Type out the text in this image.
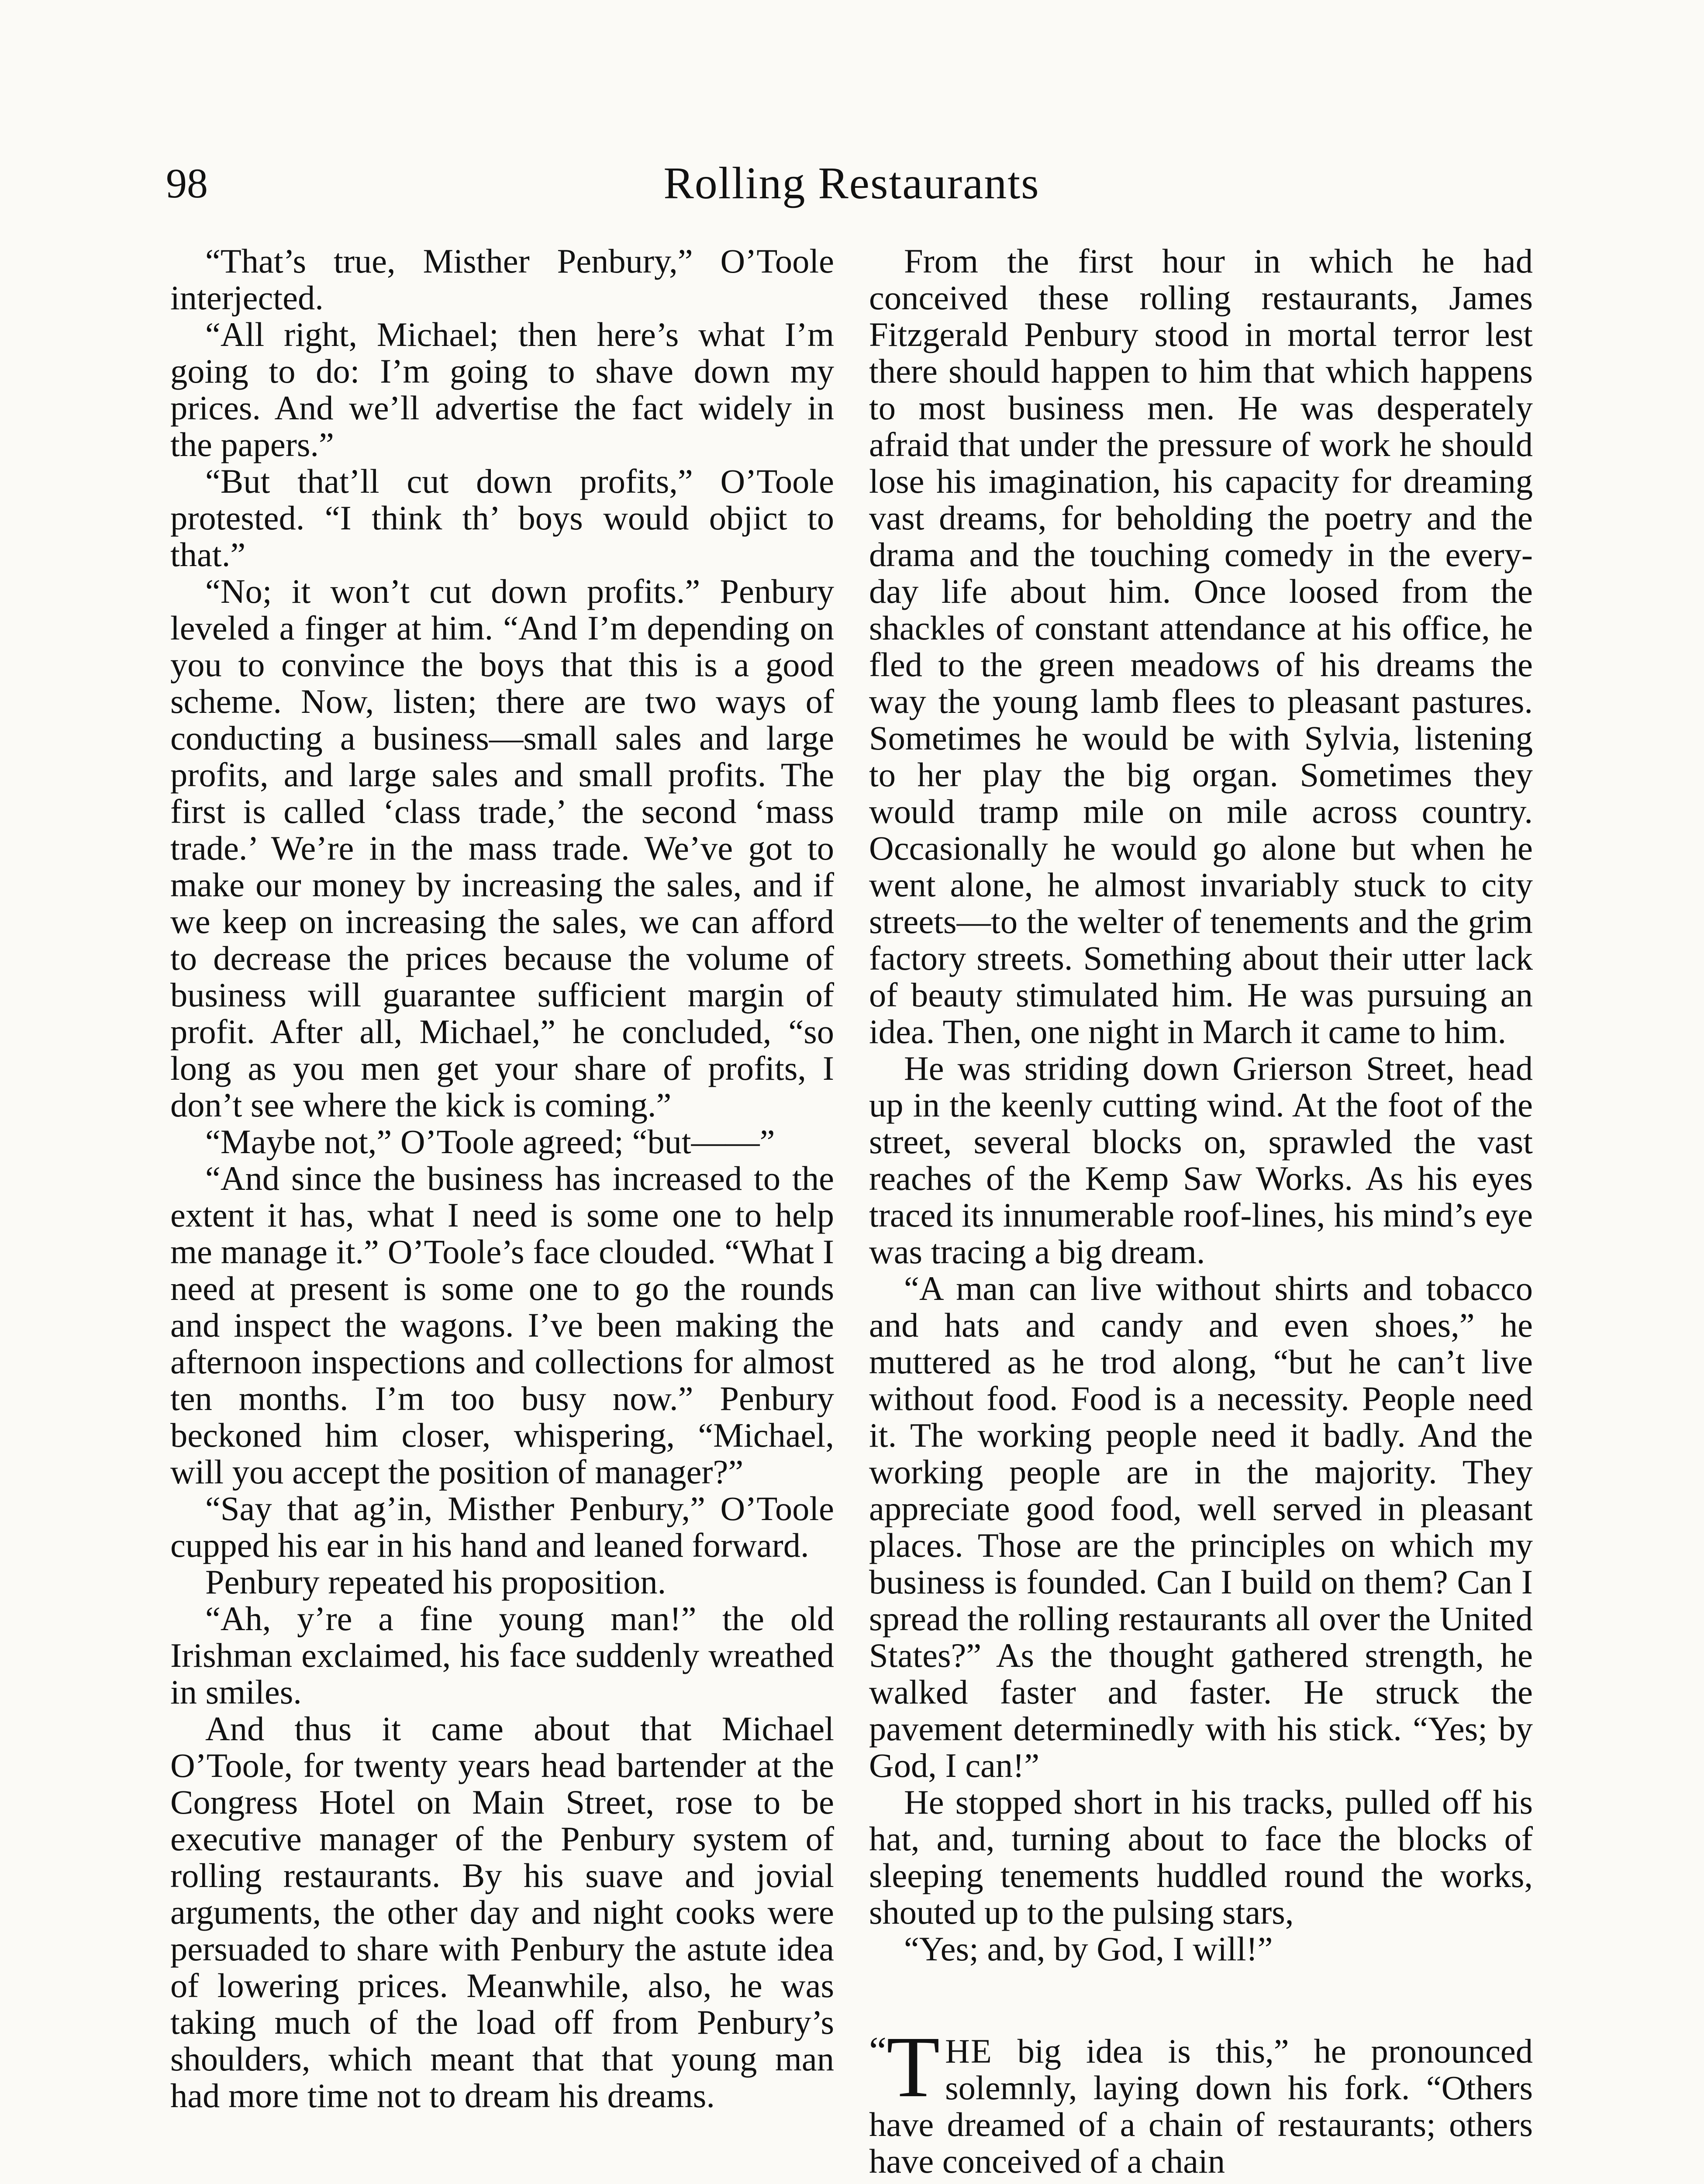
98	Rolling Restaurants

“That’s true, Misther Penbury,” O’Toole interjected.

“All right, Michael; then here’s what I’m going to do: I’m going to shave down my prices. And we’ll advertise the fact widely in the papers.”

“But that’ll cut down profits,” O’Toole protested. “I think th’ boys would objict to that.”

“No; it won’t cut down profits.” Penbury leveled a finger at him. “And I’m depending on you to convince the boys that this is a good scheme. Now, listen; there are two ways of conducting a business—small sales and large profits, and large sales and small profits. The first is called ‘class trade,’ the second ‘mass trade.’ We’re in the mass trade. We’ve got to make our money by increasing the sales, and if we keep on increasing the sales, we can afford to decrease the prices because the volume of business will guarantee sufficient margin of profit. After all, Michael,” he concluded, “so long as you men get your share of profits, I don’t see where the kick is coming.”

“Maybe not,” O’Toole agreed; “but——”

“And since the business has increased to the extent it has, what I need is some one to help me manage it.” O’Toole’s face clouded. “What I need at present is some one to go the rounds and inspect the wagons. I’ve been making the afternoon inspections and collections for almost ten months. I’m too busy now.” Penbury beckoned him closer, whispering, “Michael, will you accept the position of manager?”

“Say that ag’in, Misther Penbury,” O’Toole cupped his ear in his hand and leaned forward.

Penbury repeated his proposition.

“Ah, y’re a fine young man!” the old Irishman exclaimed, his face suddenly wreathed in smiles.

And thus it came about that Michael O’Toole, for twenty years head bartender at the Congress Hotel on Main Street, rose to be executive manager of the Penbury system of rolling restaurants. By his suave and jovial arguments, the other day and night cooks were persuaded to share with Penbury the astute idea of lowering prices. Meanwhile, also, he was taking much of the load off from Penbury’s shoulders, which meant that that young man had more time not to dream his dreams.

From the first hour in which he had conceived these rolling restaurants, James Fitzgerald Penbury stood in mortal terror lest there should happen to him that which happens to most business men. He was desperately afraid that under the pressure of work he should lose his imagination, his capacity for dreaming vast dreams, for beholding the poetry and the drama and the touching comedy in the every-day life about him. Once loosed from the shackles of constant attendance at his office, he fled to the green meadows of his dreams the way the young lamb flees to pleasant pastures. Sometimes he would be with Sylvia, listening to her play the big organ. Sometimes they would tramp mile on mile across country. Occasionally he would go alone but when he went alone, he almost invariably stuck to city streets—to the welter of tenements and the grim factory streets. Something about their utter lack of beauty stimulated him. He was pursuing an idea. Then, one night in March it came to him.

He was striding down Grierson Street, head up in the keenly cutting wind. At the foot of the street, several blocks on, sprawled the vast reaches of the Kemp Saw Works. As his eyes traced its innumerable roof-lines, his mind’s eye was tracing a big dream.

“A man can live without shirts and tobacco and hats and candy and even shoes,” he muttered as he trod along, “but he can’t live without food. Food is a necessity. People need it. The working people need it badly. And the working people are in the majority. They appreciate good food, well served in pleasant places. Those are the principles on which my business is founded. Can I build on them? Can I spread the rolling restaurants all over the United States?” As the thought gathered strength, he walked faster and faster. He struck the pavement determinedly with his stick. “Yes; by God, I can!”

He stopped short in his tracks, pulled off his hat, and, turning about to face the blocks of sleeping tenements huddled round the works, shouted up to the pulsing stars,

“Yes; and, by God, I will!”

“ T HE big idea is this,” he pronounced solemnly, laying down his fork. “Others have dreamed of a chain of restaurants; others have conceived of a chain
